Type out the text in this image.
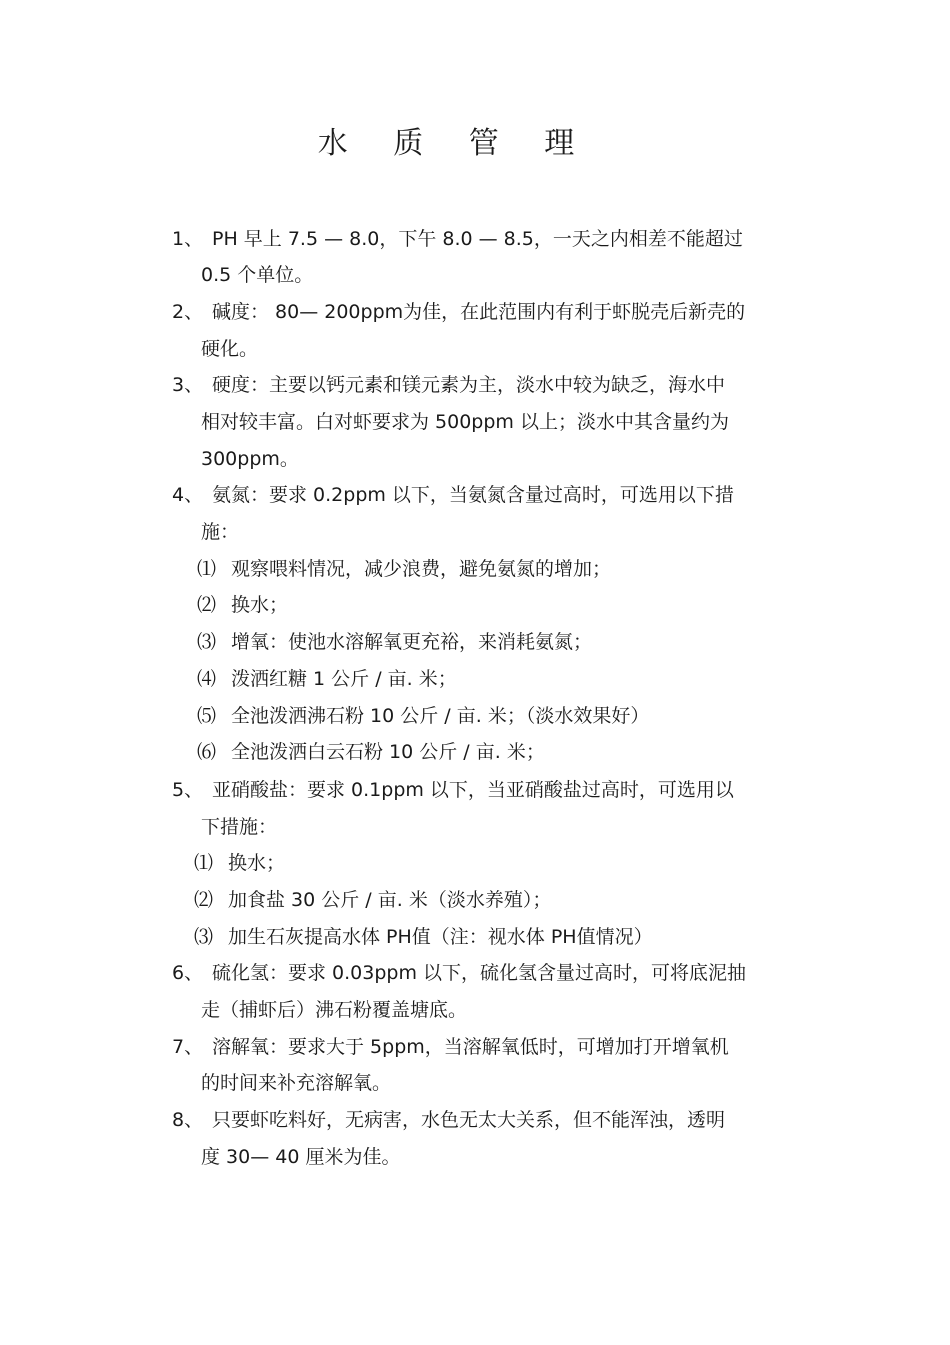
水 质 管 理
1、 PH 早上 7.5 — 8.0，下午 8.0 — 8.5，一天之内相差不能超过
0.5 个单位。
2、 碱度： 80— 200ppm为佳，在此范围内有利于虾脱壳后新壳的
硬化。
3、 硬度：主要以钙元素和镁元素为主，淡水中较为缺乏，海水中
相对较丰富。白对虾要求为 500ppm 以上；淡水中其含量约为
300ppm。
4、 氨氮：要求 0.2ppm 以下，当氨氮含量过高时，可选用以下措
施：
⑴ 观察喂料情况，减少浪费，避免氨氮的增加；
⑵ 换水；
⑶ 增氧：使池水溶解氧更充裕，来消耗氨氮；
⑷ 泼洒红糖 1 公斤 / 亩. 米；
⑸ 全池泼洒沸石粉 10 公斤 / 亩. 米；（淡水效果好）
⑹ 全池泼洒白云石粉 10 公斤 / 亩. 米；
5、 亚硝酸盐：要求 0.1ppm 以下，当亚硝酸盐过高时，可选用以
下措施：
⑴ 换水；
⑵ 加食盐 30 公斤 / 亩. 米（淡水养殖）；
⑶ 加生石灰提高水体 PH值（注：视水体 PH值情况）
6、 硫化氢：要求 0.03ppm 以下，硫化氢含量过高时，可将底泥抽
走（捕虾后）沸石粉覆盖塘底。
7、 溶解氧：要求大于 5ppm，当溶解氧低时，可增加打开增氧机
的时间来补充溶解氧。
8、 只要虾吃料好，无病害，水色无太大关系，但不能浑浊，透明
度 30— 40 厘米为佳。
